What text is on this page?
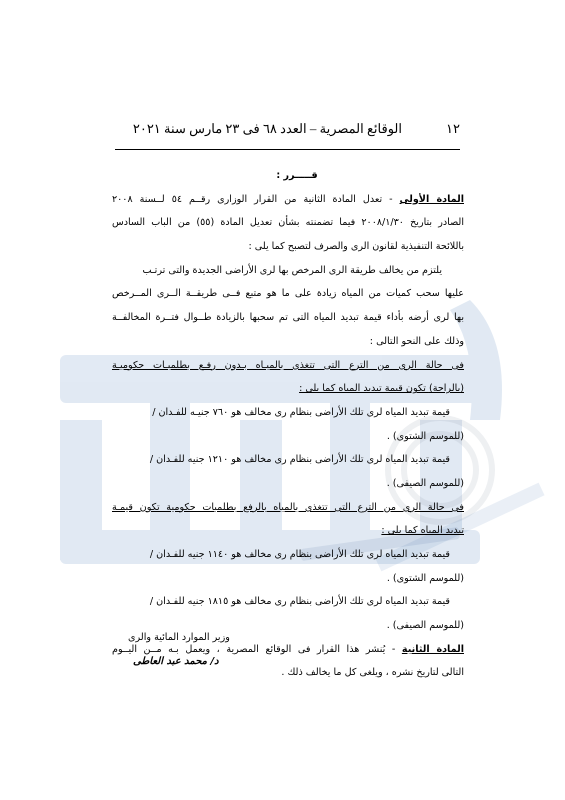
١٢
الوقائع المصرية – العدد ٦٨ فى ٢٣ مارس سنة ٢٠٢١
قـــــرر :
المادة الأولى - تعدل المادة الثانية من القرار الوزارى رقــم ٥٤ لــسنة ٢٠٠٨
الصادر بتاريخ ٢٠٠٨/١/٣٠ فيما تضمنته بشأن تعديل المادة (٥٥) من الباب السادس
باللائحة التنفيذية لقانون الرى والصرف لتصبح كما يلى :
يلتزم من يخالف طريقة الرى المرخص بها لرى الأراضى الجديدة والتى ترتـب
عليها سحب كميات من المياه زيادة على ما هو متبع فــى طريقــة الــرى المــرخص
بها لرى أرضه بأداء قيمة تبديد المياه التى تم سحبها بالزيادة طــوال فتــرة المخالفــة
وذلك على النحو التالى :
فى حالة الرى من الترع التى تتغذى بالميـاه بـدون رفـع بطلمبـات حكوميـة
(بالراحة) تكون قيمة تبديد المياه كما يلى :
قيمة تبديد المياه لرى تلك الأراضى بنظام رى مخالف هو ٧٦٠ جنيـه للفـدان /
(للموسم الشتوى) .
قيمة تبديد المياه لرى تلك الأراضى بنظام رى مخالف هو ١٢١٠ جنيه للفـدان /
(للموسم الصيفى) .
فى حالة الرى من الترع التى تتغذى بالمياه بالرفع بطلمبات حكومية تكون قيمـة
تبديد المياه كما يلى :
قيمة تبديد المياه لرى تلك الأراضى بنظام رى مخالف هو ١١٤٠ جنيه للفـدان /
(للموسم الشتوى) .
قيمة تبديد المياه لرى تلك الأراضى بنظام رى مخالف هو ١٨١٥ جنيه للفـدان /
(للموسم الصيفى) .
المادة الثانية - يُنشر هذا القرار فى الوقائع المصرية ، ويعمل بـه مــن اليــوم
التالى لتاريخ نشره ، ويلغى كل ما يخالف ذلك .
وزير الموارد المائية والرى
د/ محمد عبد العاطى
